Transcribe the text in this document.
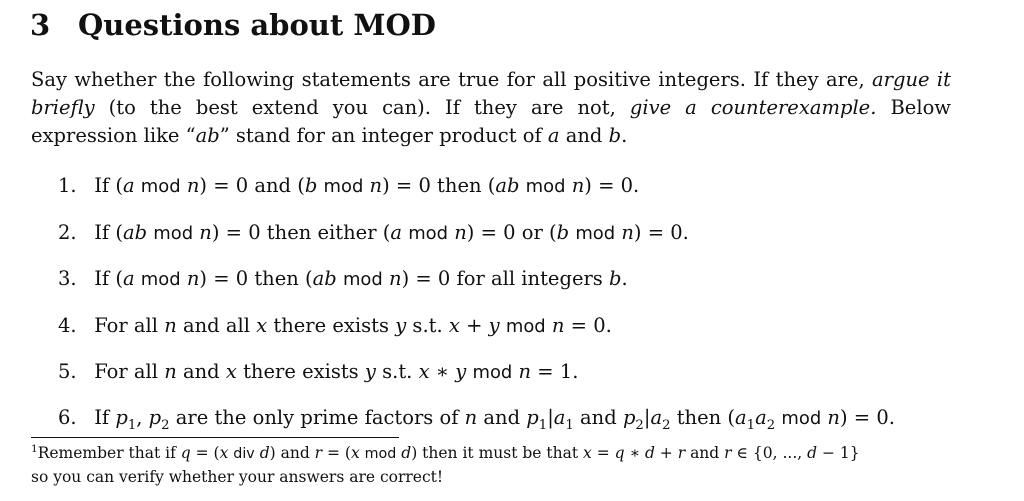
3 Questions about MOD

Say whether the following statements are true for all positive integers. If they are, argue it briefly (to the best extend you can). If they are not, give a counterexample. Below expression like “ab” stand for an integer product of a and b.

1. If (a mod n) = 0 and (b mod n) = 0 then (ab mod n) = 0.
2. If (ab mod n) = 0 then either (a mod n) = 0 or (b mod n) = 0.
3. If (a mod n) = 0 then (ab mod n) = 0 for all integers b.
4. For all n and all x there exists y s.t. x + y mod n = 0.
5. For all n and x there exists y s.t. x ∗ y mod n = 1.
6. If $p_1$, $p_2$ are the only prime factors of n and $p_1|a_1$ and $p_2|a_2$ then ($a_1a_2$ mod n) = 0.
$^1$Remember that if q = (x div d) and r = (x mod d) then it must be that x = q ∗ d + r and r ∈ {0, ..., d − 1}
so you can verify whether your answers are correct!
